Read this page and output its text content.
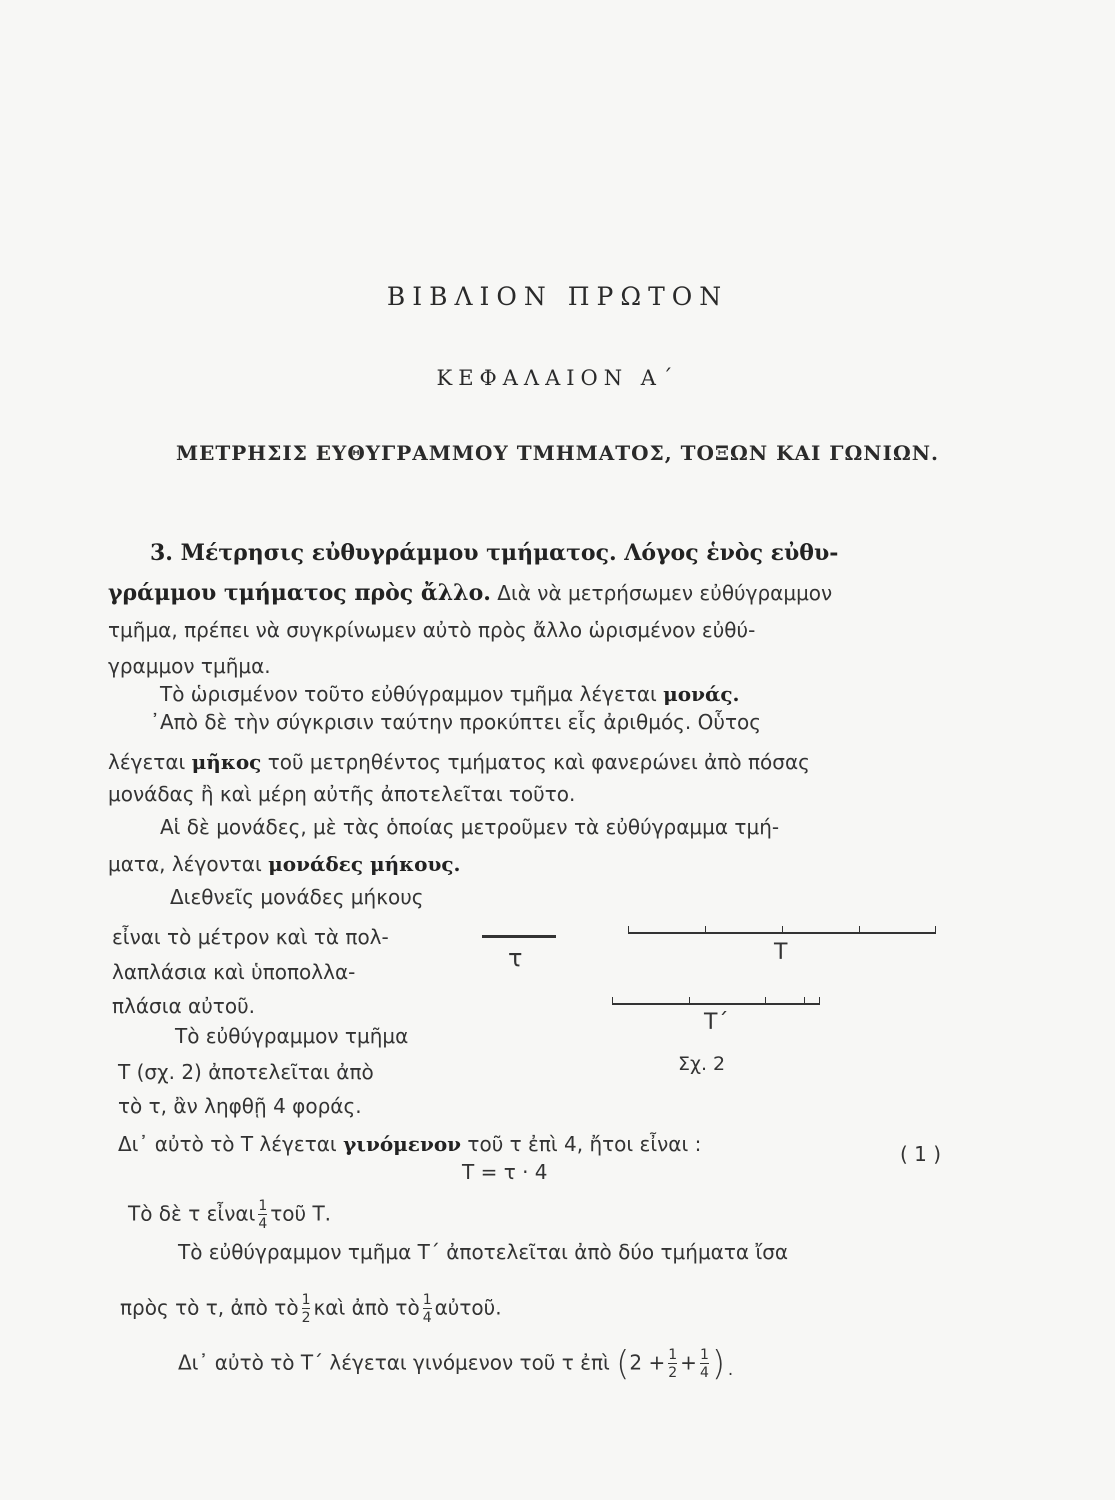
ΒΙΒΛΙΟΝ ΠΡΩΤΟΝ
ΚΕΦΑΛΑΙΟΝ Α΄
ΜΕΤΡΗΣΙΣ ΕΥΘΥΓΡΑΜΜΟΥ ΤΜΗΜΑΤΟΣ, ΤΟΞΩΝ ΚΑΙ ΓΩΝΙΩΝ.
3. Μέτρησις εὐθυγράμμου τμήματος. Λόγος ἑνὸς εὐθυ-
γράμμου τμήματος πρὸς ἄλλο. Διὰ νὰ μετρήσωμεν εὐθύγραμμον
τμῆμα, πρέπει νὰ συγκρίνωμεν αὐτὸ πρὸς ἄλλο ὡρισμένον εὐθύ-
γραμμον τμῆμα.
Τὸ ὡρισμένον τοῦτο εὐθύγραμμον τμῆμα λέγεται μονάς.
᾿Απὸ δὲ τὴν σύγκρισιν ταύτην προκύπτει εἷς ἀριθμός. Οὗτος
λέγεται μῆκος τοῦ μετρηθέντος τμήματος καὶ φανερώνει ἀπὸ πόσας
μονάδας ἢ καὶ μέρη αὐτῆς ἀποτελεῖται τοῦτο.
Αἱ δὲ μονάδες, μὲ τὰς ὁποίας μετροῦμεν τὰ εὐθύγραμμα τμή-
ματα, λέγονται μονάδες μήκους.
Διεθνεῖς μονάδες μήκους
εἶναι τὸ μέτρον καὶ τὰ πολ-
λαπλάσια καὶ ὑποπολλα-
πλάσια αὐτοῦ.
Τὸ εὐθύγραμμον τμῆμα
Τ (σχ. 2) ἀποτελεῖται ἀπὸ
τὸ τ, ἂν ληφθῇ 4 φοράς.
τ	Τ
Τ΄
Σχ. 2
Δι᾿ αὐτὸ τὸ Τ λέγεται γινόμενον τοῦ τ ἐπὶ 4, ἤτοι εἶναι :
Τ = τ · 4
( 1 )
Τὸ δὲ τ εἶναι $\frac{1}{4}$ τοῦ Τ.
Τὸ εὐθύγραμμον τμῆμα Τ΄ ἀποτελεῖται ἀπὸ δύο τμήματα ἴσα
πρὸς τὸ τ, ἀπὸ τὸ $\frac{1}{2}$ καὶ ἀπὸ τὸ $\frac{1}{4}$ αὐτοῦ.
Δι᾿ αὐτὸ τὸ Τ΄ λέγεται γινόμενον τοῦ τ ἐπὶ ($2 + \frac{1}{2} + \frac{1}{4}$ ).
